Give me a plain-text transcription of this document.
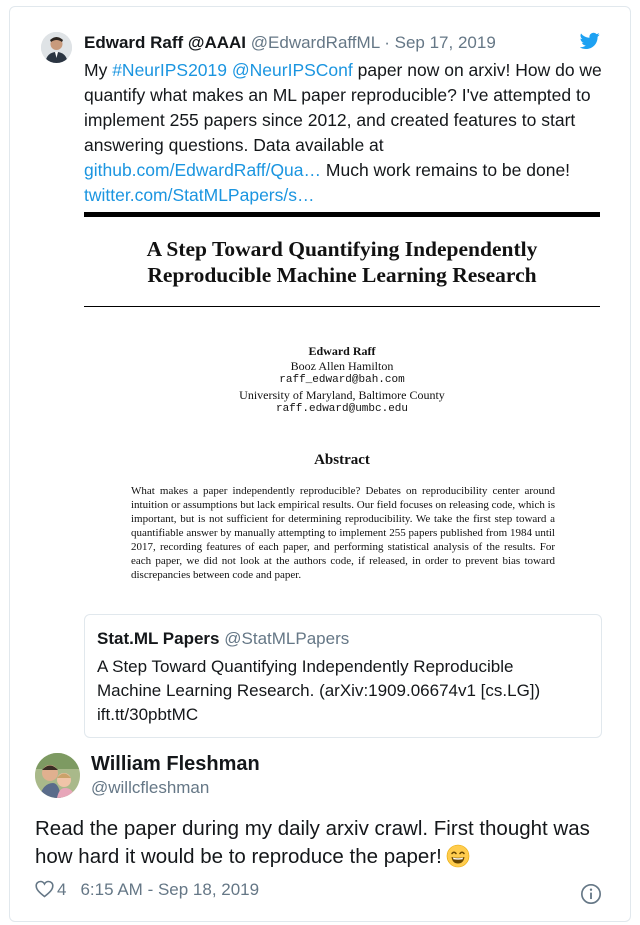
Edward Raff @AAAI @EdwardRaffML · Sep 17, 2019
My #NeurIPS2019 @NeurIPSConf paper now on arxiv! How do we quantify what makes an ML paper reproducible? I've attempted to implement 255 papers since 2012, and created features to start answering questions. Data available at github.com/EdwardRaff/Qua… Much work remains to be done! twitter.com/StatMLPapers/s…
A Step Toward Quantifying Independently Reproducible Machine Learning Research
Edward Raff
Booz Allen Hamilton
raff_edward@bah.com
University of Maryland, Baltimore County
raff.edward@umbc.edu
Abstract
What makes a paper independently reproducible? Debates on reproducibility center around intuition or assumptions but lack empirical results. Our field focuses on releasing code, which is important, but is not sufficient for determining reproducibility. We take the first step toward a quantifiable answer by manually attempting to implement 255 papers published from 1984 until 2017, recording features of each paper, and performing statistical analysis of the results. For each paper, we did not look at the authors code, if released, in order to prevent bias toward discrepancies between code and paper.
Stat.ML Papers @StatMLPapers
A Step Toward Quantifying Independently Reproducible Machine Learning Research. (arXiv:1909.06674v1 [cs.LG]) ift.tt/30pbtMC
William Fleshman
@willcfleshman
Read the paper during my daily arxiv crawl. First thought was how hard it would be to reproduce the paper!
4 6:15 AM - Sep 18, 2019
